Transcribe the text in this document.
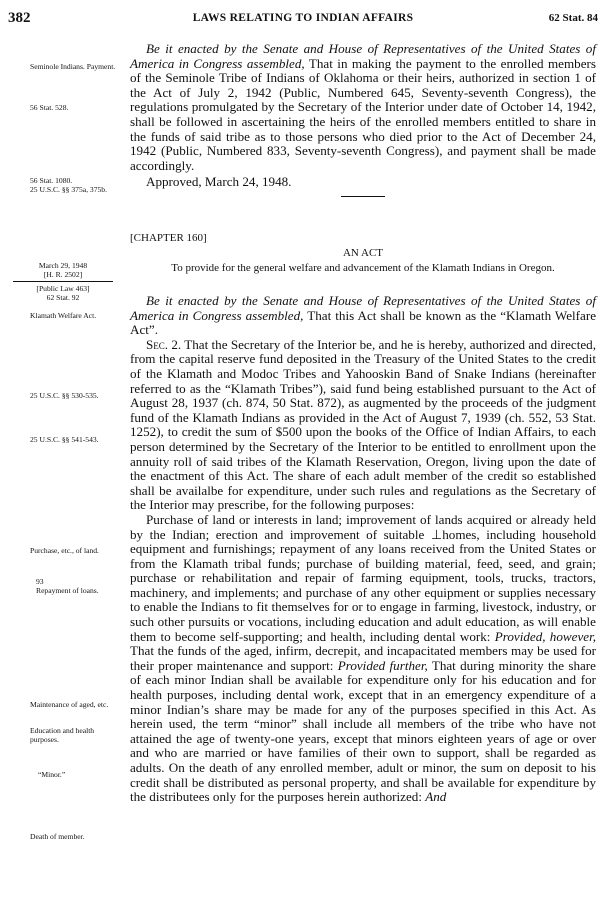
382	LAWS RELATING TO INDIAN AFFAIRS	62 Stat. 84
Seminole Indians. Payment.
56 Stat. 528.
56 Stat. 1080.
25 U.S.C. §§ 375a, 375b.
March 29, 1948
[H. R. 2502]
[Public Law 463]
62 Stat. 92
Klamath Welfare Act.
25 U.S.C. §§ 530-535.
25 U.S.C. §§ 541-543.
Purchase, etc., of land.
93
Repayment of loans.
Maintenance of aged, etc.
Education and health purposes.
“Minor.”
Death of member.

Be it enacted by the Senate and House of Representatives of the United States of America in Congress assembled, That in making the payment to the enrolled members of the Seminole Tribe of Indians of Oklahoma or their heirs, authorized in section 1 of the Act of July 2, 1942 (Public, Numbered 645, Seventy-seventh Congress), the regulations promulgated by the Secretary of the Interior under date of October 14, 1942, shall be followed in ascertaining the heirs of the enrolled members entitled to share in the funds of said tribe as to those persons who died prior to the Act of December 24, 1942 (Public, Numbered 833, Seventy-seventh Congress), and payment shall be made accordingly.

Approved, March 24, 1948.

[CHAPTER 160]

AN ACT

To provide for the general welfare and advancement of the Klamath Indians in Oregon.

Be it enacted by the Senate and House of Representatives of the United States of America in Congress assembled, That this Act shall be known as the “Klamath Welfare Act”.

Sec. 2. That the Secretary of the Interior be, and he is hereby, authorized and directed, from the capital reserve fund deposited in the Treasury of the United States to the credit of the Klamath and Modoc Tribes and Yahooskin Band of Snake Indians (hereinafter referred to as the “Klamath Tribes”), said fund being established pursuant to the Act of August 28, 1937 (ch. 874, 50 Stat. 872), as augmented by the proceeds of the judgment fund of the Klamath Indians as provided in the Act of August 7, 1939 (ch. 552, 53 Stat. 1252), to credit the sum of $500 upon the books of the Office of Indian Affairs, to each person determined by the Secretary of the Interior to be entitled to enrollment upon the annuity roll of said tribes of the Klamath Reservation, Oregon, living upon the date of the enactment of this Act. The share of each adult member of the credit so established shall be availalbe for expenditure, under such rules and regulations as the Secretary of the Interior may prescribe, for the following purposes:

Purchase of land or interests in land; improvement of lands acquired or already held by the Indian; erection and improvement of suitable ⊥homes, including household equipment and furnishings; repayment of any loans received from the United States or from the Klamath tribal funds; purchase of building material, feed, seed, and grain; purchase or rehabilitation and repair of farming equipment, tools, trucks, tractors, machinery, and implements; and purchase of any other equipment or supplies necessary to enable the Indians to fit themselves for or to engage in farming, livestock, industry, or such other pursuits or vocations, including education and adult education, as will enable them to become self-supporting; and health, including dental work: Provided, however, That the funds of the aged, infirm, decrepit, and incapacitated members may be used for their proper maintenance and support: Provided further, That during minority the share of each minor Indian shall be available for expenditure only for his education and for health purposes, including dental work, except that in an emergency expenditure of a minor Indian’s share may be made for any of the purposes specified in this Act. As herein used, the term “minor” shall include all members of the tribe who have not attained the age of twenty-one years, except that minors eighteen years of age or over and who are married or have families of their own to support, shall be regarded as adults. On the death of any enrolled member, adult or minor, the sum on deposit to his credit shall be distributed as personal property, and shall be available for expenditure by the distributees only for the purposes herein authorized: And
